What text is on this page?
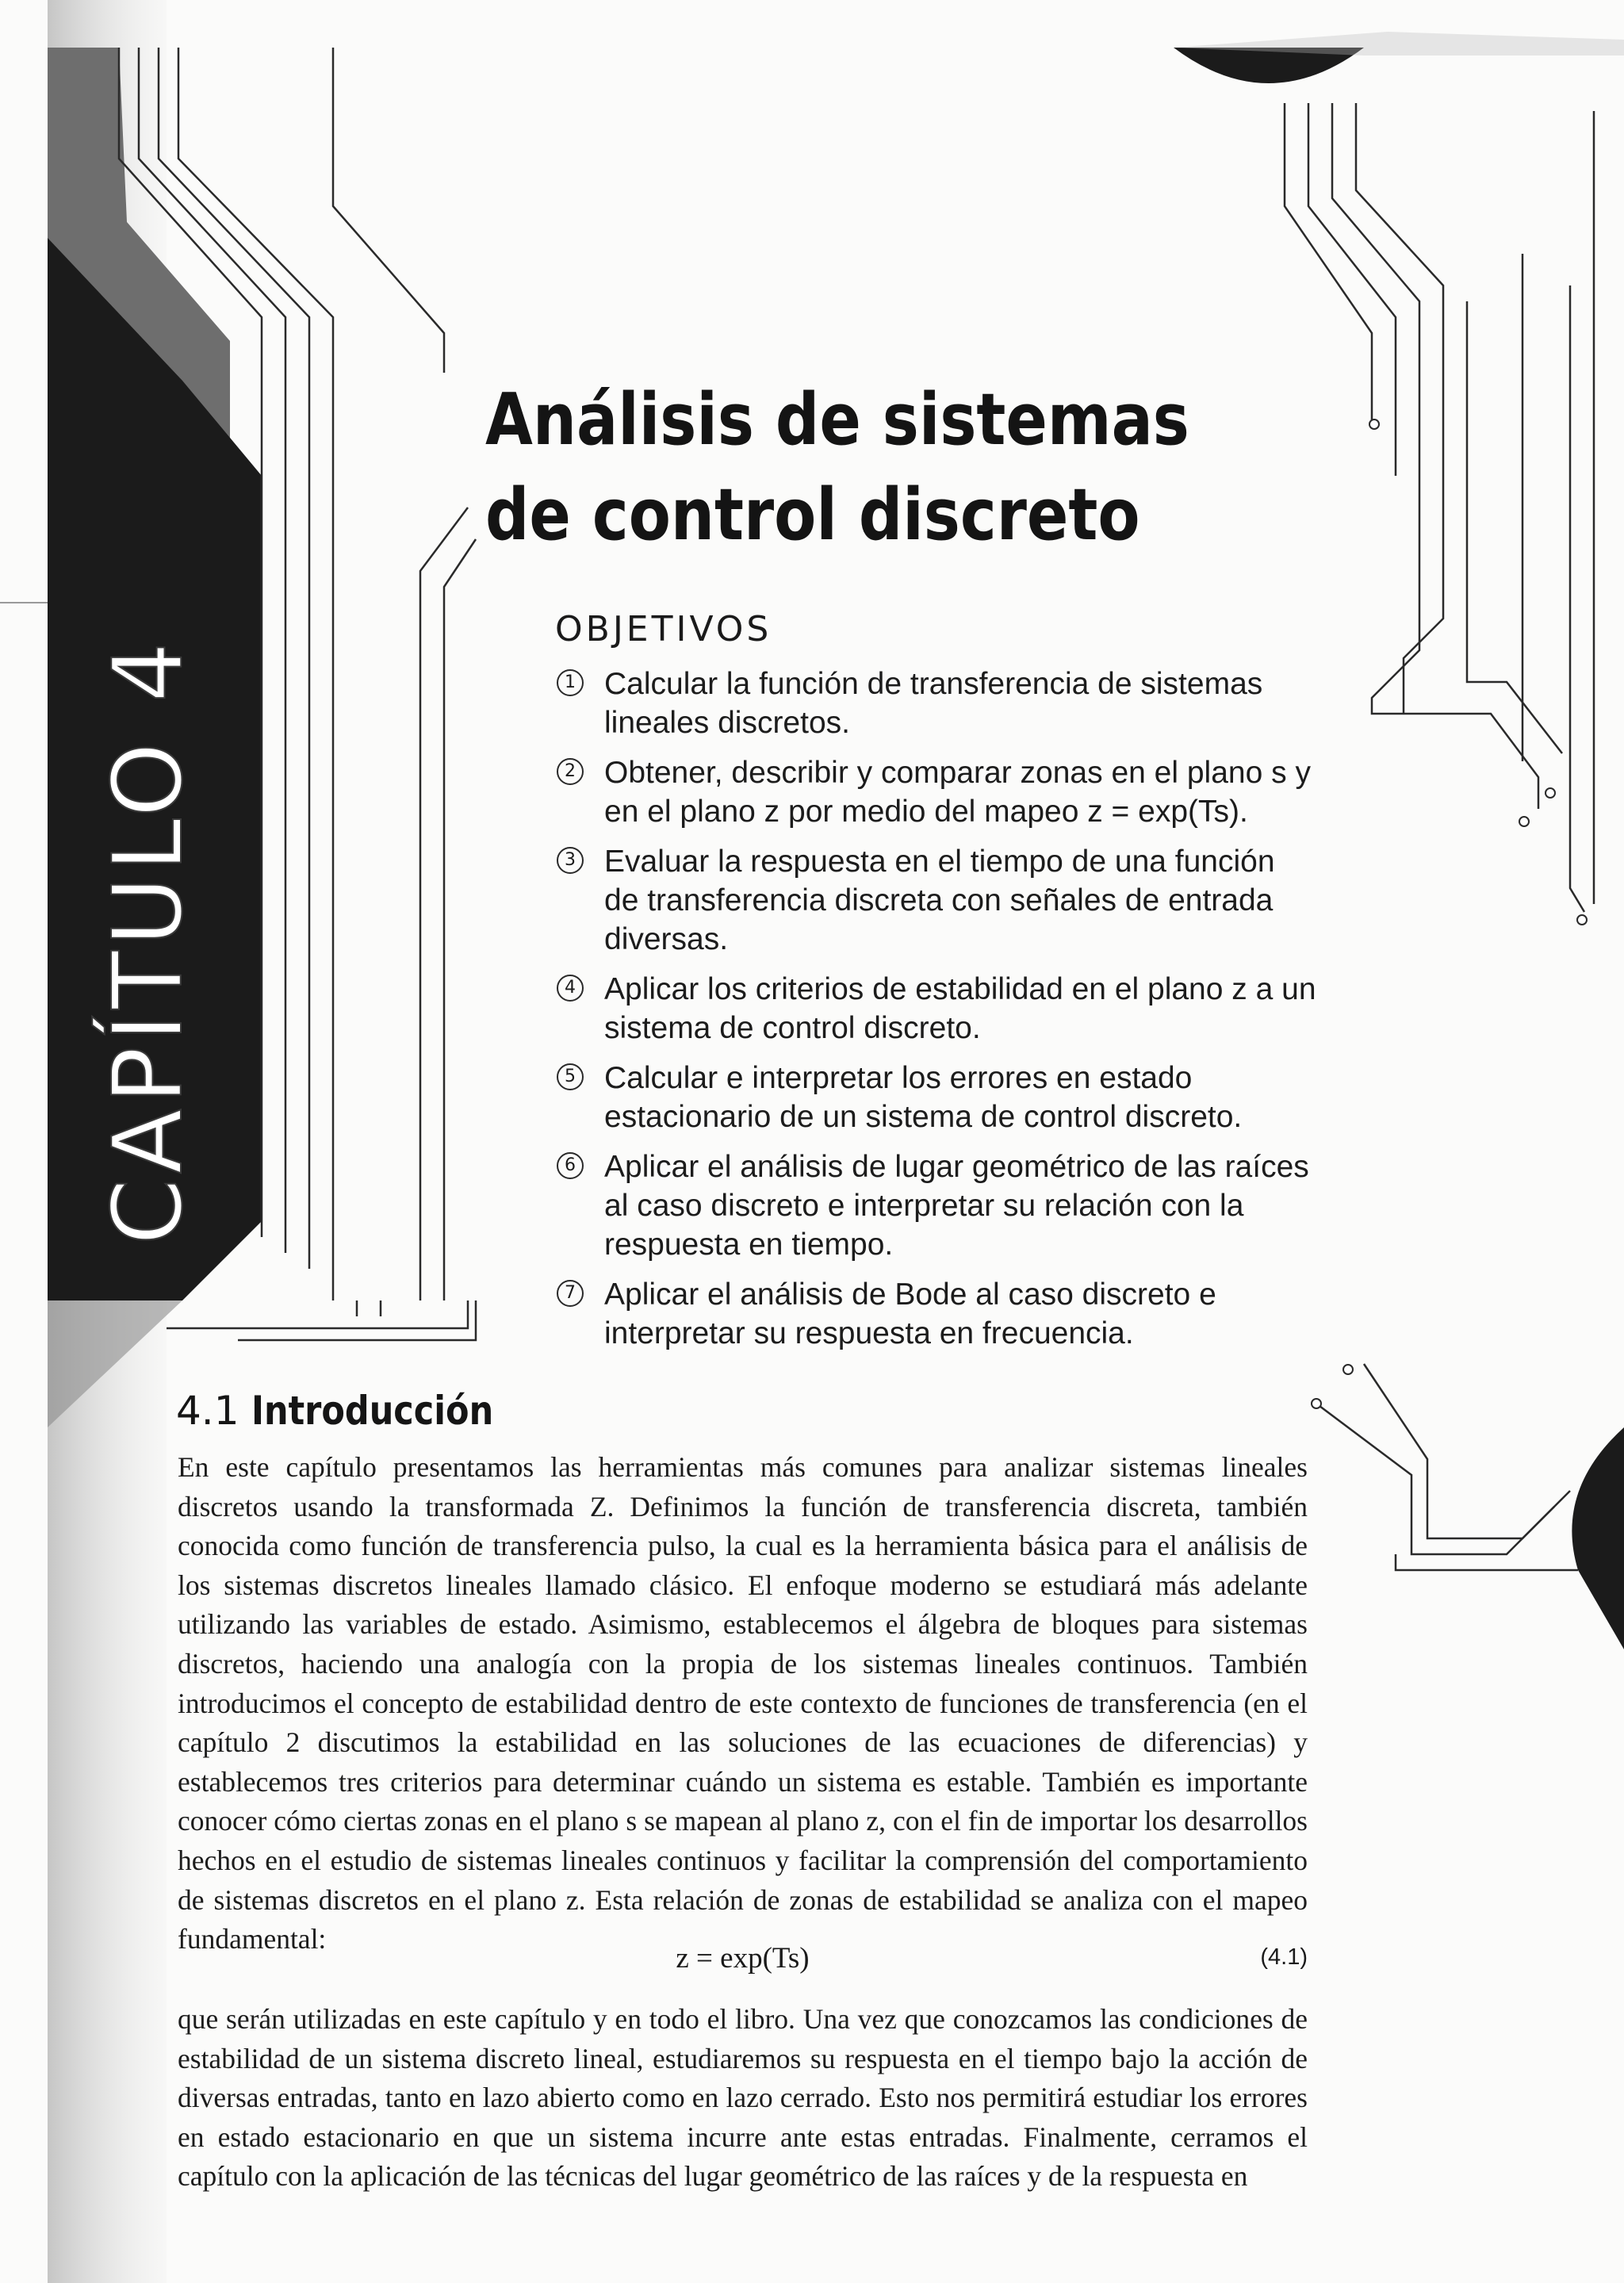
CAPÍTULO 4
Análisis de sistemas
de control discreto
OBJETIVOS
1 Calcular la función de transferencia de sistemas lineales discretos.
2 Obtener, describir y comparar zonas en el plano s y en el plano z por medio del mapeo z = exp(Ts).
3 Evaluar la respuesta en el tiempo de una función de transferencia discreta con señales de entrada diversas.
4 Aplicar los criterios de estabilidad en el plano z a un sistema de control discreto.
5 Calcular e interpretar los errores en estado estacionario de un sistema de control discreto.
6 Aplicar el análisis de lugar geométrico de las raíces al caso discreto e interpretar su relación con la respuesta en tiempo.
7 Aplicar el análisis de Bode al caso discreto e interpretar su respuesta en frecuencia.
4.1 Introducción

En este capítulo presentamos las herramientas más comunes para analizar sistemas lineales discretos usando la transformada Z. Definimos la función de transferencia discreta, también conocida como función de transferencia pulso, la cual es la herramienta básica para el análisis de los sistemas discretos lineales llamado clásico. El enfoque moderno se estudiará más adelante utilizando las variables de estado. Asimismo, establecemos el álgebra de bloques para sistemas discretos, haciendo una analogía con la propia de los sistemas lineales continuos. También introducimos el concepto de estabilidad dentro de este contexto de funciones de transferencia (en el capítulo 2 discutimos la estabilidad en las soluciones de las ecuaciones de diferencias) y establecemos tres criterios para determinar cuándo un sistema es estable. También es importante conocer cómo ciertas zonas en el plano s se mapean al plano z, con el fin de importar los desarrollos hechos en el estudio de sistemas lineales continuos y facilitar la comprensión del comportamiento de sistemas discretos en el plano z. Esta relación de zonas de estabilidad se analiza con el mapeo fundamental:

z = exp(Ts)	(4.1)

que serán utilizadas en este capítulo y en todo el libro. Una vez que conozcamos las condiciones de estabilidad de un sistema discreto lineal, estudiaremos su respuesta en el tiempo bajo la acción de diversas entradas, tanto en lazo abierto como en lazo cerrado. Esto nos permitirá estudiar los errores en estado estacionario en que un sistema incurre ante estas entradas. Finalmente, cerramos el capítulo con la aplicación de las técnicas del lugar geométrico de las raíces y de la respuesta en
